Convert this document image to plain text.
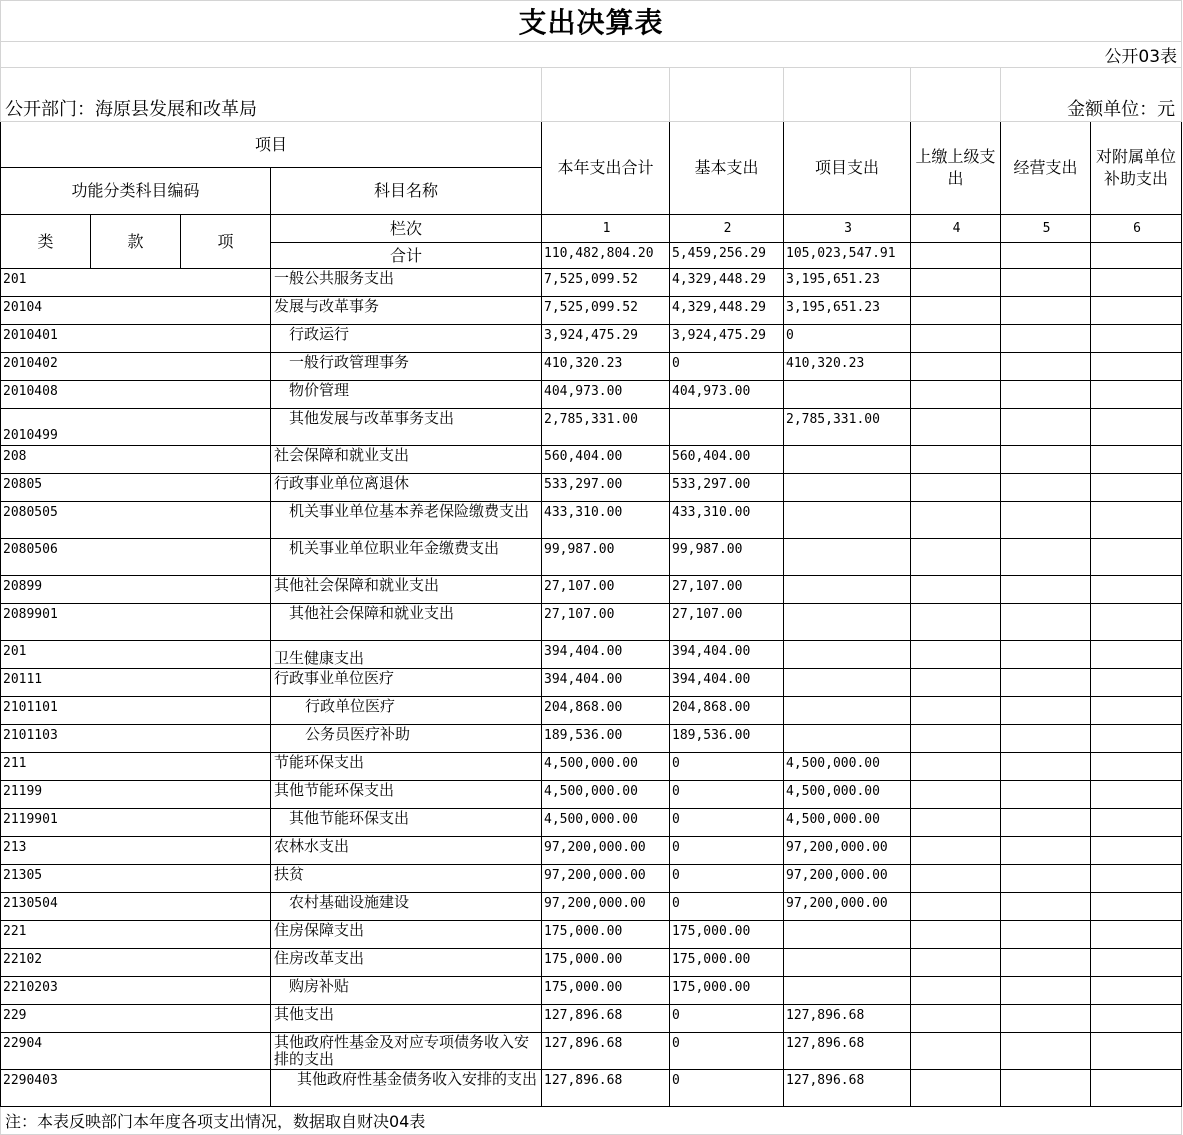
支出决算表									
公开03表									
公开部门：海原县发展和改革局								金额单位：元	
项目				本年支出合计	基本支出	项目支出	上缴上级支出	经营支出	对附属单位补助支出
功能分类科目编码			科目名称						
类	款	项	栏次	1	2	3	4	5	6
			合计	110,482,804.20	5,459,256.29	105,023,547.91			
201			一般公共服务支出	7,525,099.52	4,329,448.29	3,195,651.23			
20104			发展与改革事务	7,525,099.52	4,329,448.29	3,195,651.23			
2010401			行政运行	3,924,475.29	3,924,475.29	0			
2010402			一般行政管理事务	410,320.23	0	410,320.23			
2010408			物价管理	404,973.00	404,973.00				
2010499			其他发展与改革事务支出	2,785,331.00		2,785,331.00			
208			社会保障和就业支出	560,404.00	560,404.00				
20805			行政事业单位离退休	533,297.00	533,297.00				
2080505			机关事业单位基本养老保险缴费支出	433,310.00	433,310.00				
2080506			机关事业单位职业年金缴费支出	99,987.00	99,987.00				
20899			其他社会保障和就业支出	27,107.00	27,107.00				
2089901			其他社会保障和就业支出	27,107.00	27,107.00				
201			卫生健康支出	394,404.00	394,404.00				
20111			行政事业单位医疗	394,404.00	394,404.00				
2101101			行政单位医疗	204,868.00	204,868.00				
2101103			公务员医疗补助	189,536.00	189,536.00				
211			节能环保支出	4,500,000.00	0	4,500,000.00			
21199			其他节能环保支出	4,500,000.00	0	4,500,000.00			
2119901			其他节能环保支出	4,500,000.00	0	4,500,000.00			
213			农林水支出	97,200,000.00	0	97,200,000.00			
21305			扶贫	97,200,000.00	0	97,200,000.00			
2130504			农村基础设施建设	97,200,000.00	0	97,200,000.00			
221			住房保障支出	175,000.00	175,000.00				
22102			住房改革支出	175,000.00	175,000.00				
2210203			购房补贴	175,000.00	175,000.00				
229			其他支出	127,896.68	0	127,896.68			
22904			其他政府性基金及对应专项债务收入安排的支出	127,896.68	0	127,896.68			
2290403			其他政府性基金债务收入安排的支出	127,896.68	0	127,896.68			
注：本表反映部门本年度各项支出情况，数据取自财决04表									
